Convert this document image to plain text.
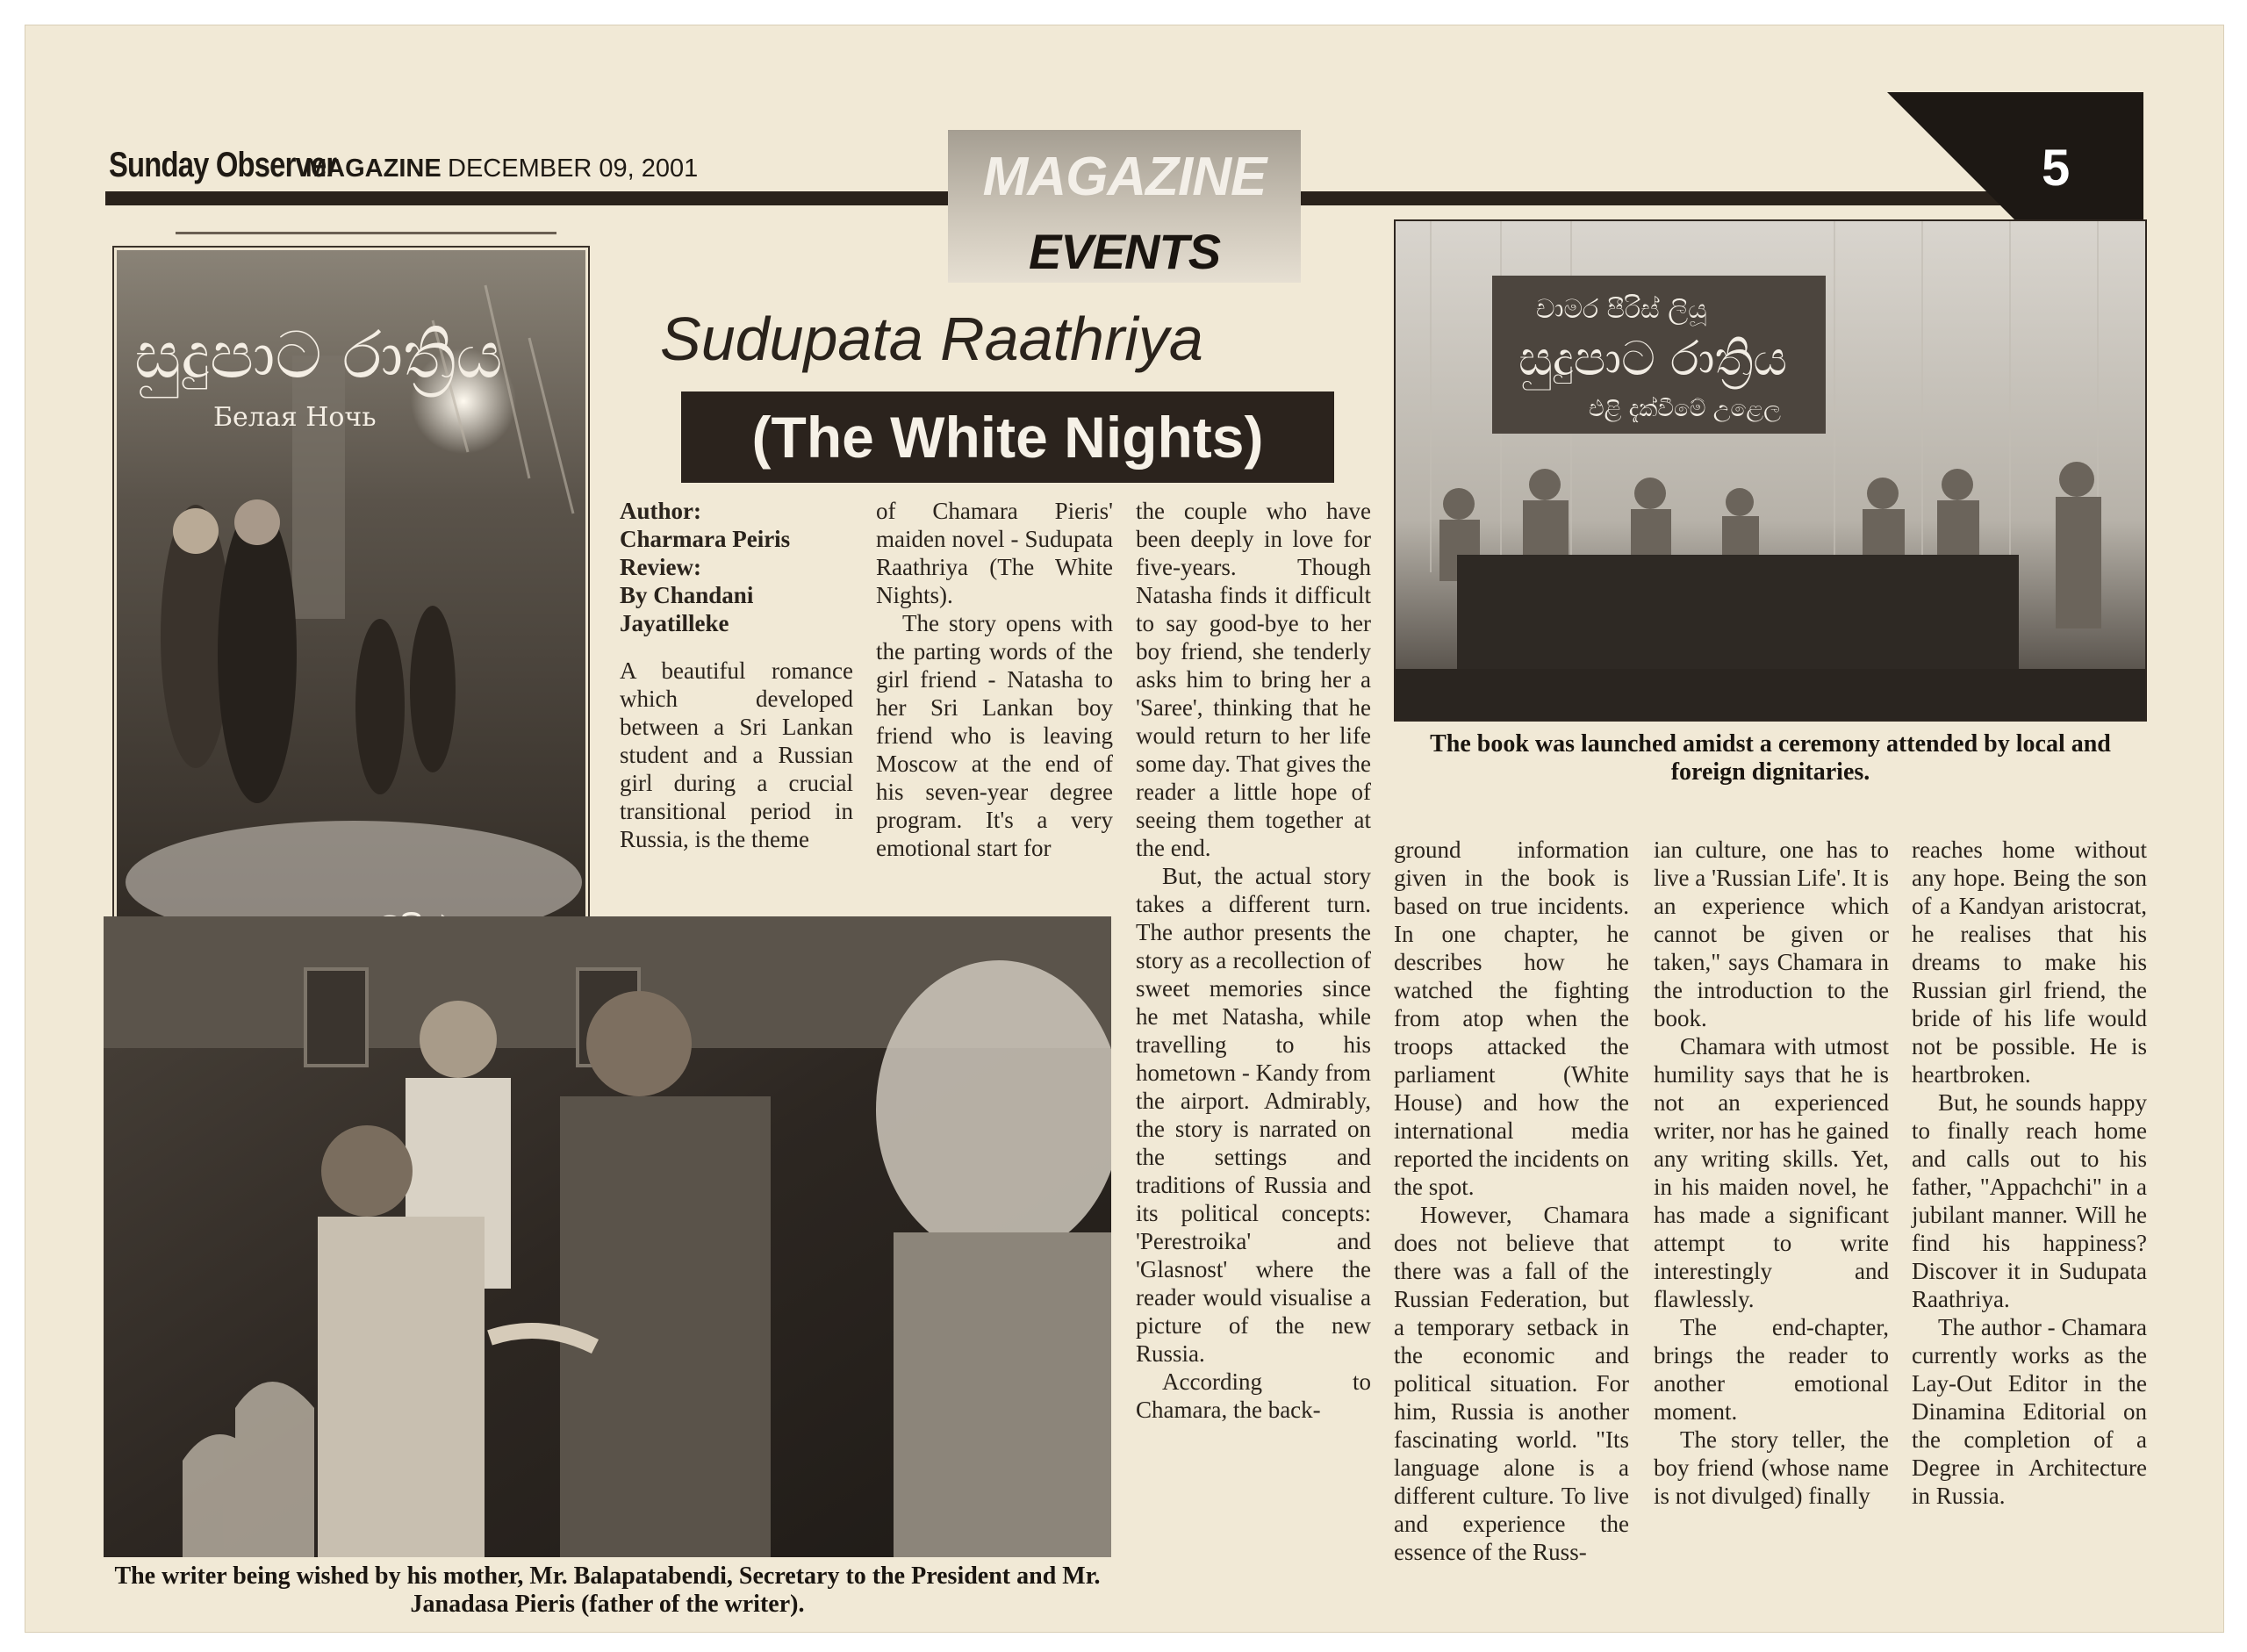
Sunday Observer
MAGAZINE DECEMBER 09, 2001	MAGAZINE
EVENTS
5
Sudupata Raathriya
(The White Nights)
සුදුපාට රාත්‍රිය
Белая Ночь
චාමර පීරිස් ලියූ
සුදුපාට රාත්‍රිය
එළි දැක්වීමේ උළෙල
The book was launched amidst a ceremony attended by local and foreign dignitaries.
The writer being wished by his mother, Mr. Balapatabendi, Secretary to the President and Mr. Janadasa Pieris (father of the writer).
Author:
Charmara Peiris
Review:
By Chandani
Jayatilleke

A beautiful romance which developed between a Sri Lankan student and a Russian girl during a crucial transitional period in Russia, is the theme

of Chamara Pieris' maiden novel - Sudupata Raathriya (The White Nights).

The story opens with the parting words of the girl friend - Natasha to her Sri Lankan boy friend who is leaving Moscow at the end of his seven-year degree program. It's a very emotional start for

the couple who have been deeply in love for five-years. Though Natasha finds it difficult to say good-bye to her boy friend, she tenderly asks him to bring her a 'Saree', thinking that he would return to her life some day. That gives the reader a little hope of seeing them together at the end.

But, the actual story takes a different turn. The author presents the story as a recollection of sweet memories since he met Natasha, while travelling to his hometown - Kandy from the airport. Admirably, the story is narrated on the settings and traditions of Russia and its political concepts: 'Perestroika' and 'Glasnost' where the reader would visualise a picture of the new Russia.

According to Chamara, the back-

ground information given in the book is based on true incidents. In one chapter, he describes how he watched the fighting from atop when the troops attacked the parliament (White House) and how the international media reported the incidents on the spot.

However, Chamara does not believe that there was a fall of the Russian Federation, but a temporary setback in the economic and political situation. For him, Russia is another fascinating world. "Its language alone is a different culture. To live and experience the essence of the Russ-

ian culture, one has to live a 'Russian Life'. It is an experience which cannot be given or taken," says Chamara in the introduction to the book.

Chamara with utmost humility says that he is not an experienced writer, nor has he gained any writing skills. Yet, in his maiden novel, he has made a significant attempt to write interestingly and flawlessly.

The end-chapter, brings the reader to another emotional moment.

The story teller, the boy friend (whose name is not divulged) finally

reaches home without any hope. Being the son of a Kandyan aristocrat, he realises that his dreams to make his Russian girl friend, the bride of his life would not be possible. He is heartbroken.

But, he sounds happy to finally reach home and calls out to his father, "Appachchi" in a jubilant manner. Will he find his happiness? Discover it in Sudupata Raathriya.

The author - Chamara currently works as the Lay-Out Editor in the Dinamina Editorial on the completion of a Degree in Architecture in Russia.
